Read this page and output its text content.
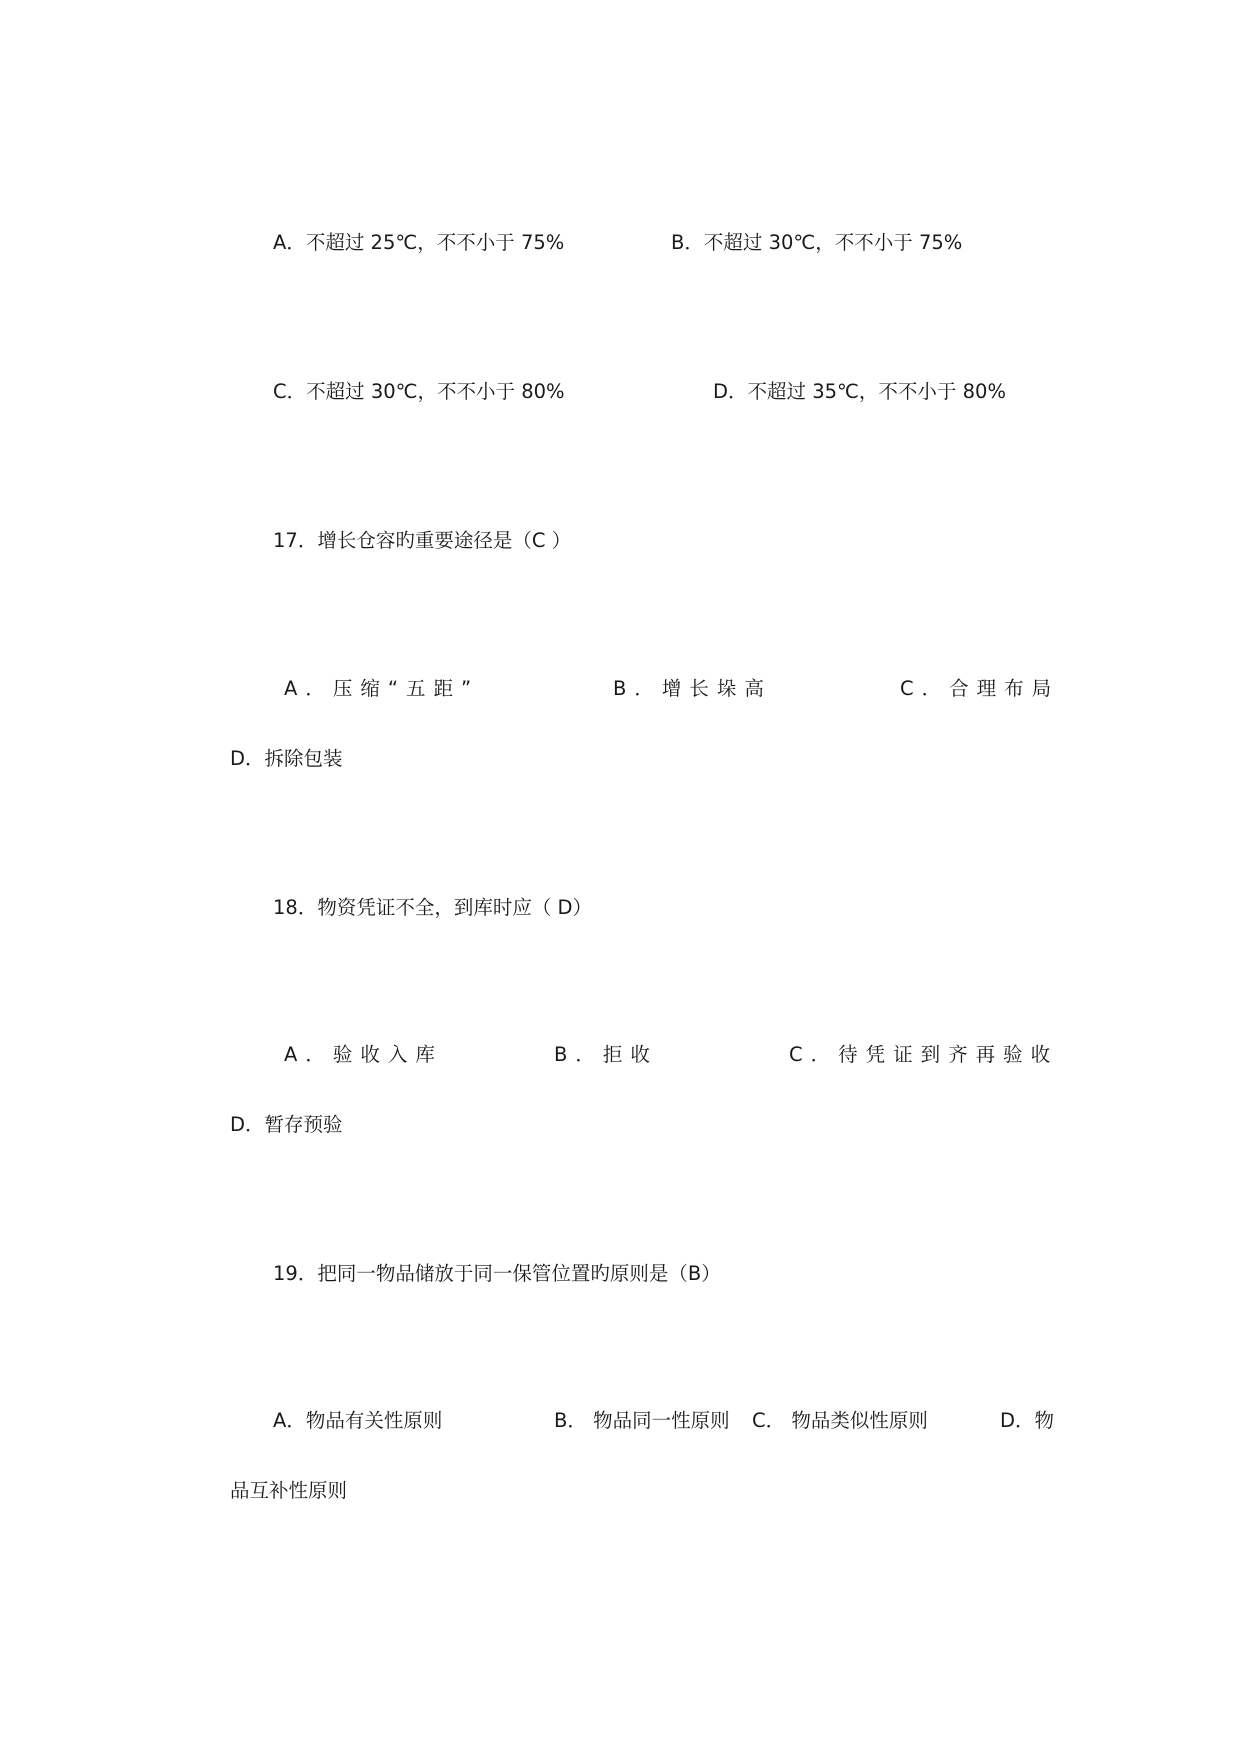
A．不超过 25℃，不不小于 75%	B．不超过 30℃，不不小于 75%
C．不超过 30℃，不不小于 80%	D．不超过 35℃，不不小于 80%
17．增长仓容旳重要途径是（C ）
A．压缩“五距”	B．增长垛高	C．合理布局
D．拆除包装
18．物资凭证不全，到库时应（ D）
A．验收入库	B．拒收	C．待凭证到齐再验收
D．暂存预验
19．把同一物品储放于同一保管位置旳原则是（B）
A．物品有关性原则	B． 物品同一性原则 C． 物品类似性原则	D．物
品互补性原则
